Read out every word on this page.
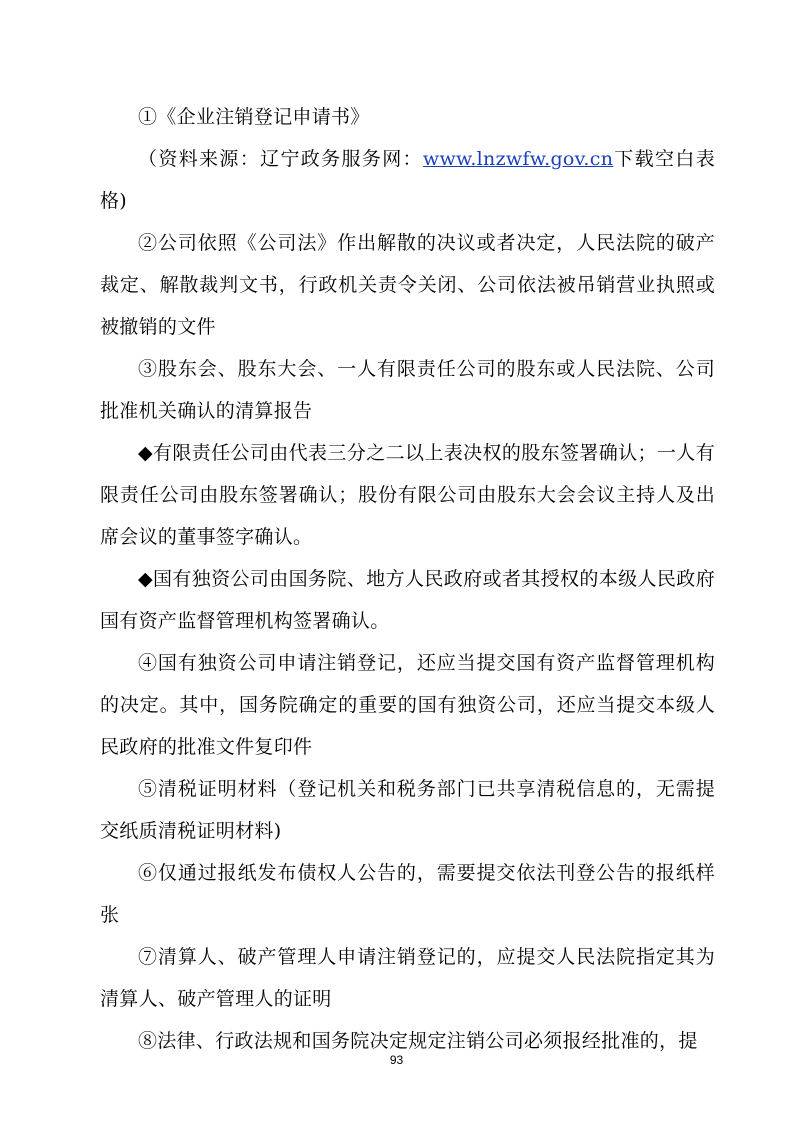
①《企业注销登记申请书》

（资料来源：辽宁政务服务网：www.lnzwfw.gov.cn下载空白表格)

②公司依照《公司法》作出解散的决议或者决定，人民法院的破产裁定、解散裁判文书，行政机关责令关闭、公司依法被吊销营业执照或被撤销的文件

③股东会、股东大会、一人有限责任公司的股东或人民法院、公司批准机关确认的清算报告

◆有限责任公司由代表三分之二以上表决权的股东签署确认；一人有限责任公司由股东签署确认；股份有限公司由股东大会会议主持人及出席会议的董事签字确认。

◆国有独资公司由国务院、地方人民政府或者其授权的本级人民政府国有资产监督管理机构签署确认。

④国有独资公司申请注销登记，还应当提交国有资产监督管理机构的决定。其中，国务院确定的重要的国有独资公司，还应当提交本级人民政府的批准文件复印件

⑤清税证明材料（登记机关和税务部门已共享清税信息的，无需提交纸质清税证明材料)

⑥仅通过报纸发布债权人公告的，需要提交依法刊登公告的报纸样张

⑦清算人、破产管理人申请注销登记的，应提交人民法院指定其为清算人、破产管理人的证明

⑧法律、行政法规和国务院决定规定注销公司必须报经批准的，提

93
